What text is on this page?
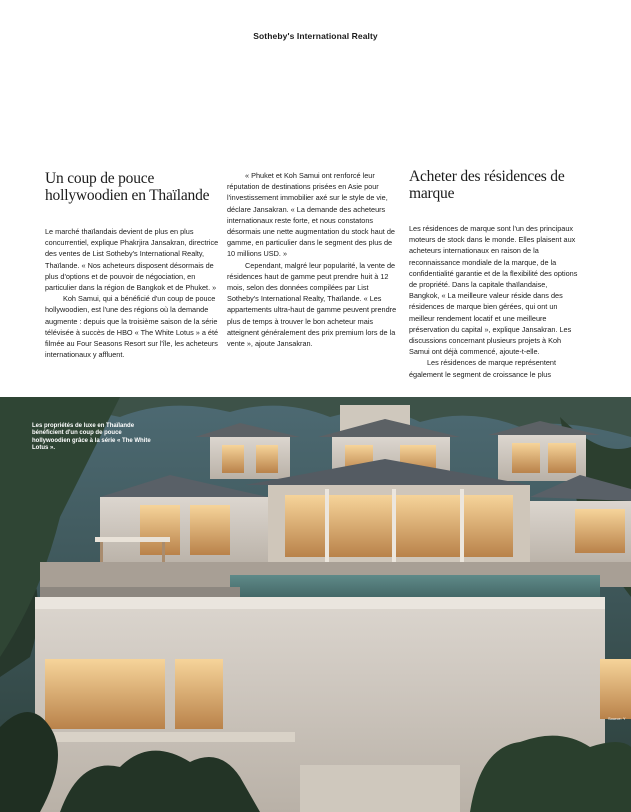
Sotheby's International Realty
Un coup de pouce hollywoodien en Thaïlande

Le marché thaïlandais devient de plus en plus concurrentiel, explique Phakrjira Jansakran, directrice des ventes de List Sotheby's International Realty, Thaïlande. « Nos acheteurs disposent désormais de plus d'options et de pouvoir de négociation, en particulier dans la région de Bangkok et de Phuket. »

Koh Samui, qui a bénéficié d'un coup de pouce hollywoodien, est l'une des régions où la demande augmente : depuis que la troisième saison de la série télévisée à succès de HBO « The White Lotus » a été filmée au Four Seasons Resort sur l'île, les acheteurs internationaux y affluent.

« Phuket et Koh Samui ont renforcé leur réputation de destinations prisées en Asie pour l'investissement immobilier axé sur le style de vie, déclare Jansakran. « La demande des acheteurs internationaux reste forte, et nous constatons désormais une nette augmentation du stock haut de gamme, en particulier dans le segment des plus de 10 millions USD. »

Cependant, malgré leur popularité, la vente de résidences haut de gamme peut prendre huit à 12 mois, selon des données compilées par List Sotheby's International Realty, Thaïlande. « Les appartements ultra-haut de gamme peuvent prendre plus de temps à trouver le bon acheteur mais atteignent généralement des prix premium lors de la vente », ajoute Jansakran.

Acheter des résidences de marque

Les résidences de marque sont l'un des principaux moteurs de stock dans le monde. Elles plaisent aux acheteurs internationaux en raison de la reconnaissance mondiale de la marque, de la confidentialité garantie et de la flexibilité des options de propriété. Dans la capitale thaïlandaise, Bangkok, « La meilleure valeur réside dans des résidences de marque bien gérées, qui ont un meilleur rendement locatif et une meilleure préservation du capital », explique Jansakran. Les discussions concernant plusieurs projets à Koh Samui ont déjà commencé, ajoute-t-elle.

Les résidences de marque représentent également le segment de croissance le plus

Les propriétés de luxe en Thaïlande bénéficient d'un coup de pouce hollywoodien grâce à la série « The White Lotus ».
Source: Y
